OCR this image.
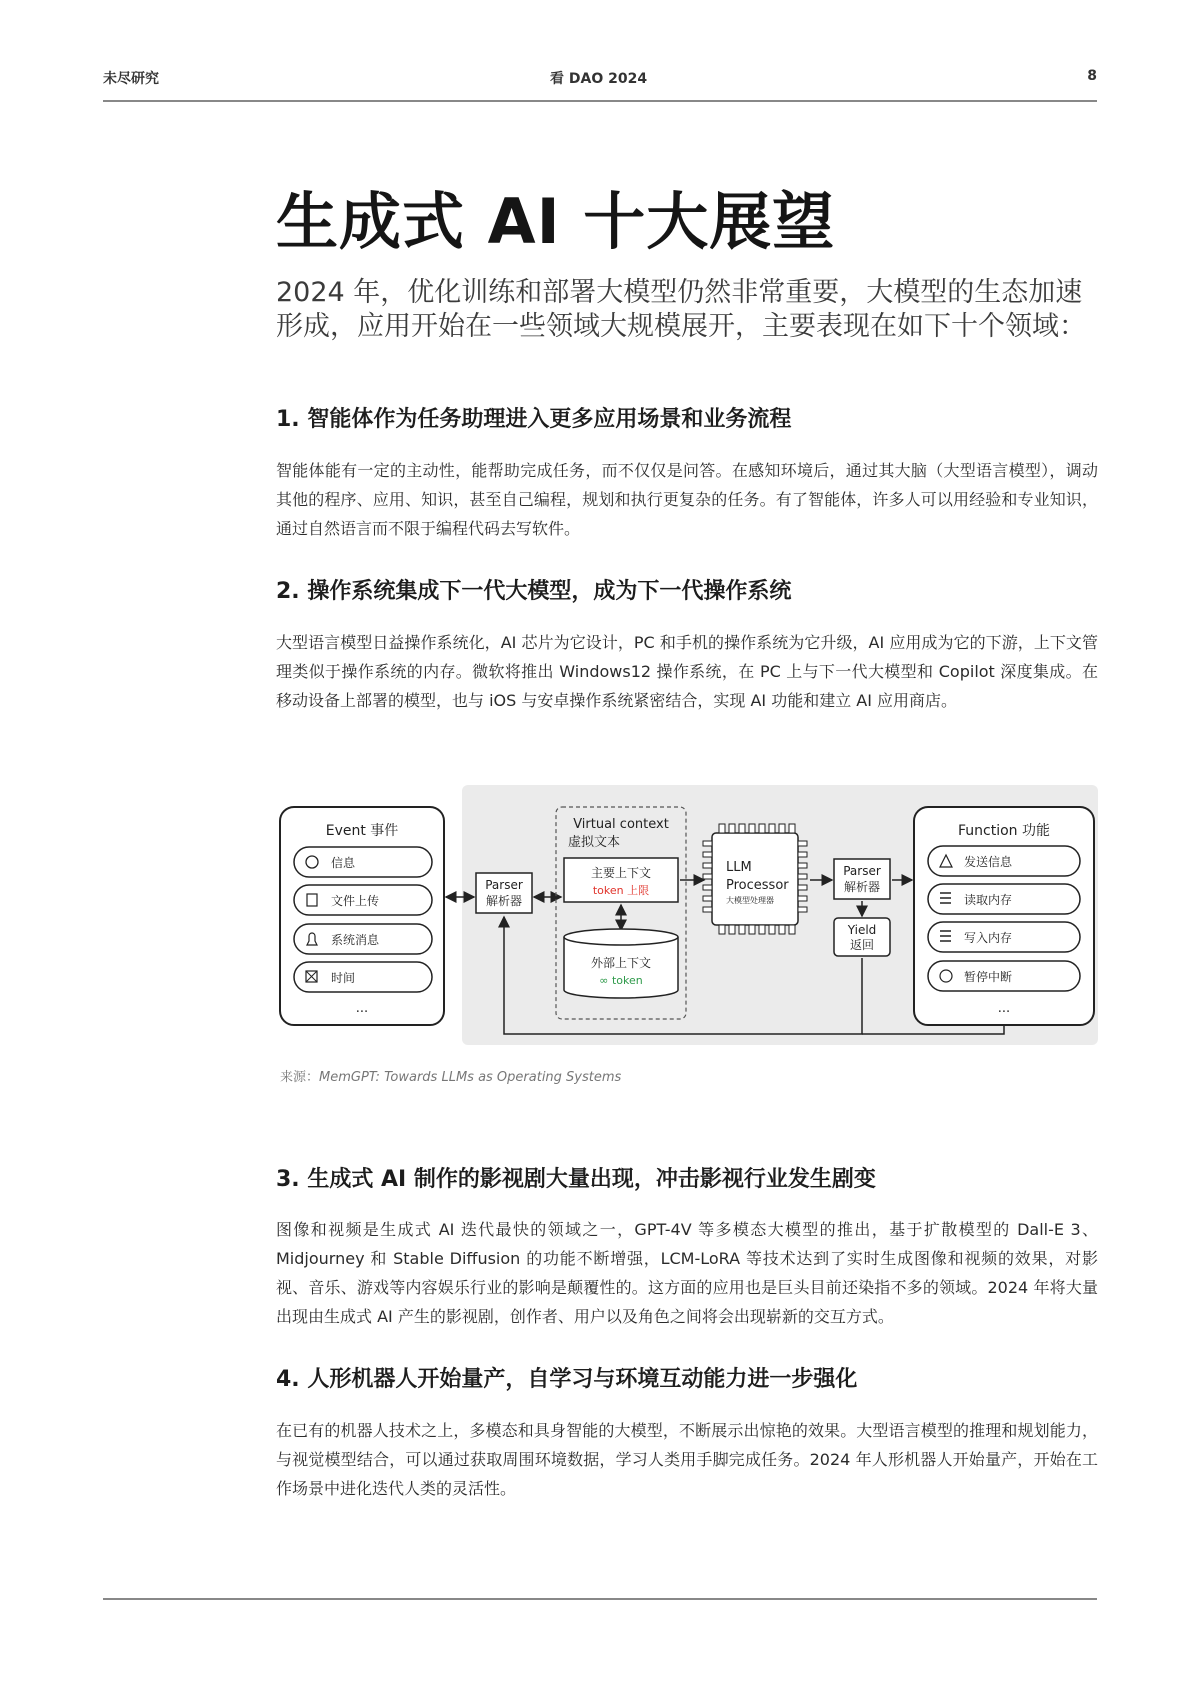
未尽研究	看 DAO 2024	8
生成式 AI 十大展望

2024 年，优化训练和部署大模型仍然非常重要，大模型的生态加速形成，应用开始在一些领域大规模展开，主要表现在如下十个领域：

1. 智能体作为任务助理进入更多应用场景和业务流程

智能体能有一定的主动性，能帮助完成任务，而不仅仅是问答。在感知环境后，通过其大脑（大型语言模型），调动其他的程序、应用、知识，甚至自己编程，规划和执行更复杂的任务。有了智能体，许多人可以用经验和专业知识，通过自然语言而不限于编程代码去写软件。

2. 操作系统集成下一代大模型，成为下一代操作系统

大型语言模型日益操作系统化，AI 芯片为它设计，PC 和手机的操作系统为它升级，AI 应用成为它的下游，上下文管理类似于操作系统的内存。微软将推出 Windows12 操作系统，在 PC 上与下一代大模型和 Copilot 深度集成。在移动设备上部署的模型，也与 iOS 与安卓操作系统紧密结合，实现 AI 功能和建立 AI 应用商店。

Event 事件
信息
文件上传
系统消息
时间
···
Parser
解析器
Virtual context
虚拟文本
主要上下文
token 上限
外部上下文
∞ token
LLM
Processor
大模型处理器
Parser
解析器
Yield
返回
Function 功能
发送信息
读取内存
写入内存
暂停中断
···
来源：MemGPT: Towards LLMs as Operating Systems
3. 生成式 AI 制作的影视剧大量出现，冲击影视行业发生剧变

图像和视频是生成式 AI 迭代最快的领域之一，GPT-4V 等多模态大模型的推出，基于扩散模型的 Dall-E 3、Midjourney 和 Stable Diffusion 的功能不断增强，LCM-LoRA 等技术达到了实时生成图像和视频的效果，对影视、音乐、游戏等内容娱乐行业的影响是颠覆性的。这方面的应用也是巨头目前还染指不多的领域。2024 年将大量出现由生成式 AI 产生的影视剧，创作者、用户以及角色之间将会出现崭新的交互方式。

4. 人形机器人开始量产，自学习与环境互动能力进一步强化

在已有的机器人技术之上，多模态和具身智能的大模型，不断展示出惊艳的效果。大型语言模型的推理和规划能力，与视觉模型结合，可以通过获取周围环境数据，学习人类用手脚完成任务。2024 年人形机器人开始量产，开始在工作场景中进化迭代人类的灵活性。
